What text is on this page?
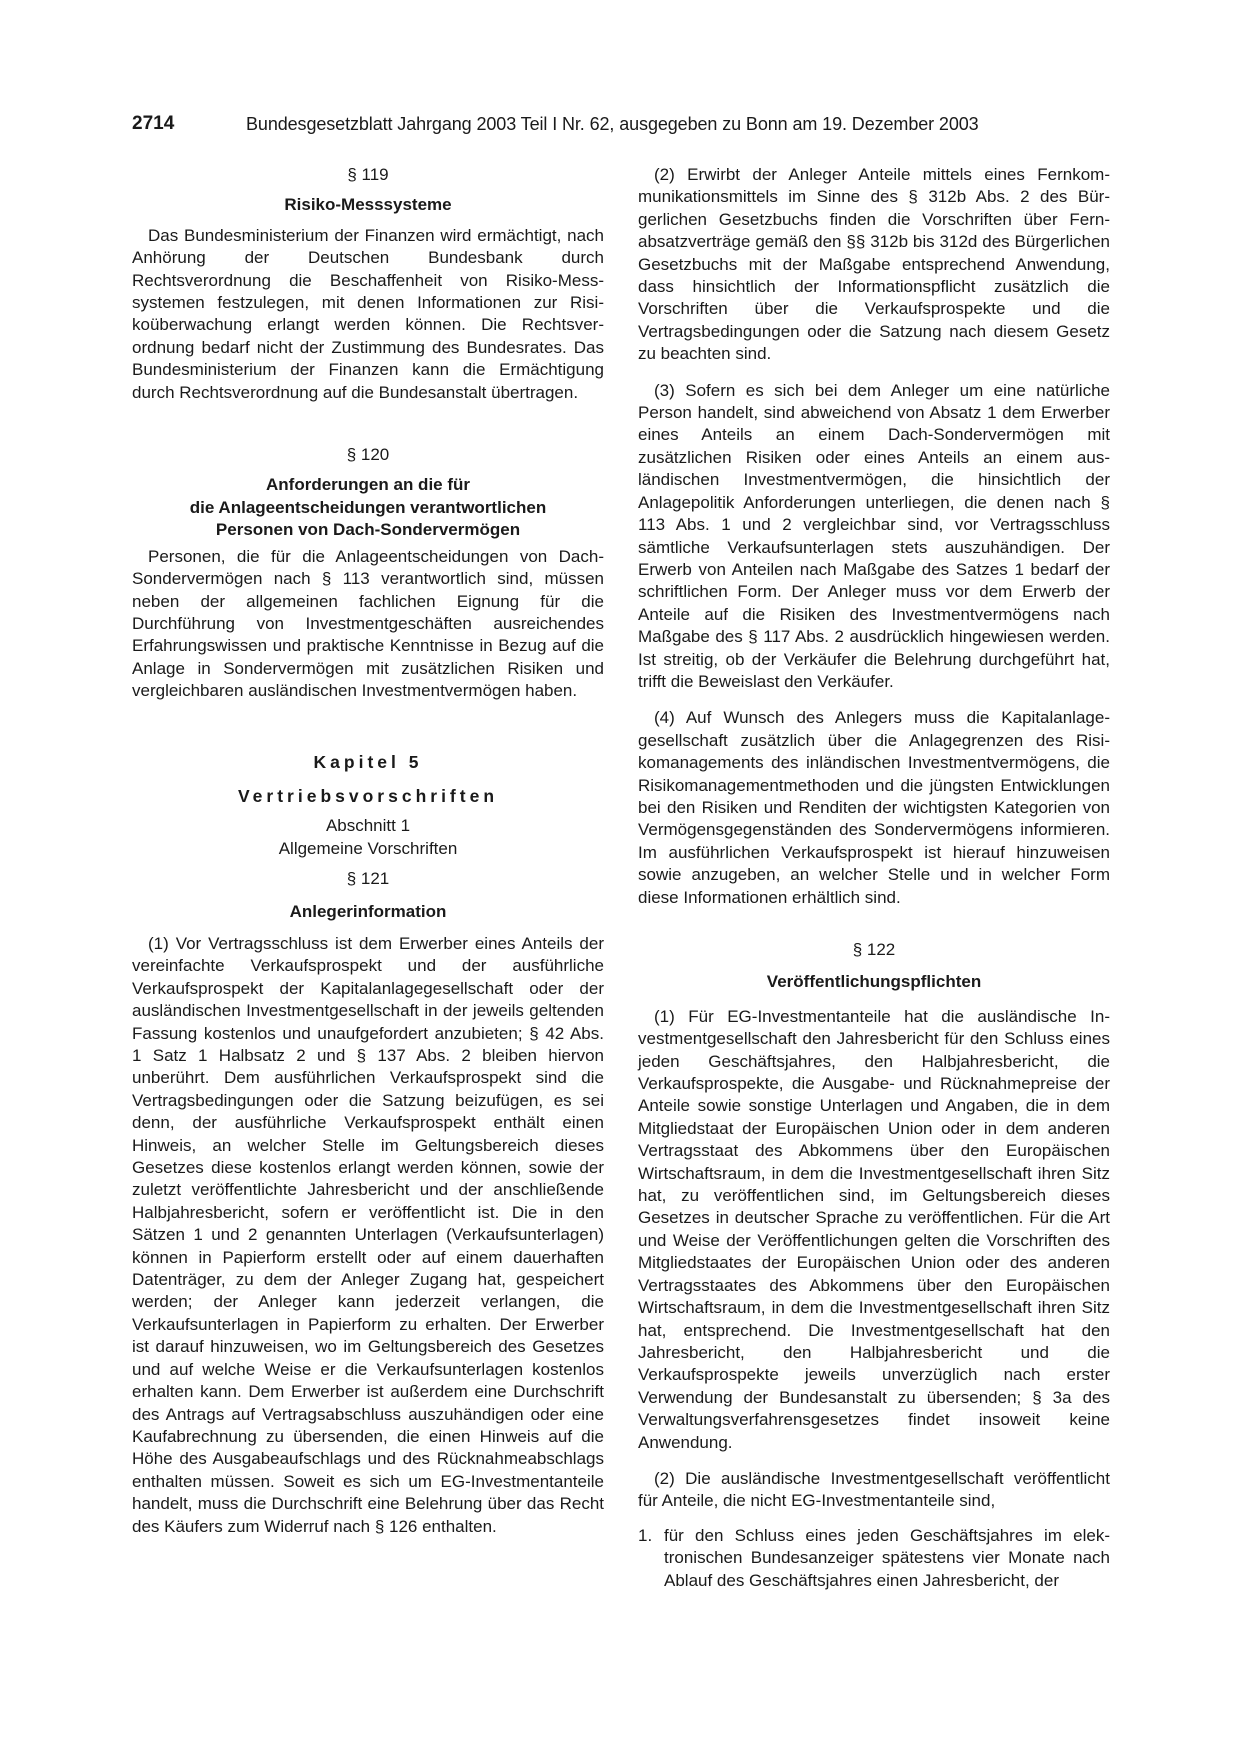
2714	Bundesgesetzblatt Jahrgang 2003 Teil I Nr. 62, ausgegeben zu Bonn am 19. Dezember 2003

§ 119

Risiko-Messsysteme

Das Bundesministerium der Finanzen wird ermächtigt, nach Anhörung der Deutschen Bundesbank durch Rechtsverordnung die Beschaffenheit von Risiko-Messsystemen festzulegen, mit denen Informationen zur Risikoüberwachung erlangt werden können. Die Rechtsverordnung bedarf nicht der Zustimmung des Bundesrates. Das Bundesministerium der Finanzen kann die Ermächtigung durch Rechtsverordnung auf die Bundesanstalt übertragen.

§ 120

Anforderungen an die für

die Anlageentscheidungen verantwortlichen

Personen von Dach-Sondervermögen

Personen, die für die Anlageentscheidungen von Dach-Sondervermögen nach § 113 verantwortlich sind, müssen neben der allgemeinen fachlichen Eignung für die Durchführung von Investmentgeschäften ausreichendes Erfahrungswissen und praktische Kenntnisse in Bezug auf die Anlage in Sondervermögen mit zusätzlichen Risiken und vergleichbaren ausländischen Investmentvermögen haben.

Kapitel 5

Vertriebsvorschriften

Abschnitt 1

Allgemeine Vorschriften

§ 121

Anlegerinformation

(1) Vor Vertragsschluss ist dem Erwerber eines Anteils der vereinfachte Verkaufsprospekt und der ausführliche Verkaufsprospekt der Kapitalanlagegesellschaft oder der ausländischen Investmentgesellschaft in der jeweils geltenden Fassung kostenlos und unaufgefordert anzubieten; § 42 Abs. 1 Satz 1 Halbsatz 2 und § 137 Abs. 2 bleiben hiervon unberührt. Dem ausführlichen Verkaufsprospekt sind die Vertragsbedingungen oder die Satzung beizufügen, es sei denn, der ausführliche Verkaufsprospekt enthält einen Hinweis, an welcher Stelle im Geltungsbereich dieses Gesetzes diese kostenlos erlangt werden können, sowie der zuletzt veröffentlichte Jahresbericht und der anschließende Halbjahresbericht, sofern er veröffentlicht ist. Die in den Sätzen 1 und 2 genannten Unterlagen (Verkaufsunterlagen) können in Papierform erstellt oder auf einem dauerhaften Datenträger, zu dem der Anleger Zugang hat, gespeichert werden; der Anleger kann jederzeit verlangen, die Verkaufsunterlagen in Papierform zu erhalten. Der Erwerber ist darauf hinzuweisen, wo im Geltungsbereich des Gesetzes und auf welche Weise er die Verkaufsunterlagen kostenlos erhalten kann. Dem Erwerber ist außerdem eine Durchschrift des Antrags auf Vertragsabschluss auszuhändigen oder eine Kaufabrechnung zu übersenden, die einen Hinweis auf die Höhe des Ausgabeaufschlags und des Rücknahmeabschlags enthalten müssen. Soweit es sich um EG-Investmentanteile handelt, muss die Durchschrift eine Belehrung über das Recht des Käufers zum Widerruf nach § 126 enthalten.

(2) Erwirbt der Anleger Anteile mittels eines Fernkommunikationsmittels im Sinne des § 312b Abs. 2 des Bürgerlichen Gesetzbuchs finden die Vorschriften über Fernabsatzverträge gemäß den §§ 312b bis 312d des Bürgerlichen Gesetzbuchs mit der Maßgabe entsprechend Anwendung, dass hinsichtlich der Informationspflicht zusätzlich die Vorschriften über die Verkaufsprospekte und die Vertragsbedingungen oder die Satzung nach diesem Gesetz zu beachten sind.

(3) Sofern es sich bei dem Anleger um eine natürliche Person handelt, sind abweichend von Absatz 1 dem Erwerber eines Anteils an einem Dach-Sondervermögen mit zusätzlichen Risiken oder eines Anteils an einem ausländischen Investmentvermögen, die hinsichtlich der Anlagepolitik Anforderungen unterliegen, die denen nach § 113 Abs. 1 und 2 vergleichbar sind, vor Vertragsschluss sämtliche Verkaufsunterlagen stets auszuhändigen. Der Erwerb von Anteilen nach Maßgabe des Satzes 1 bedarf der schriftlichen Form. Der Anleger muss vor dem Erwerb der Anteile auf die Risiken des Investmentvermögens nach Maßgabe des § 117 Abs. 2 ausdrücklich hingewiesen werden. Ist streitig, ob der Verkäufer die Belehrung durchgeführt hat, trifft die Beweislast den Verkäufer.

(4) Auf Wunsch des Anlegers muss die Kapitalanlagegesellschaft zusätzlich über die Anlagegrenzen des Risikomanagements des inländischen Investmentvermögens, die Risikomanagementmethoden und die jüngsten Entwicklungen bei den Risiken und Renditen der wichtigsten Kategorien von Vermögensgegenständen des Sondervermögens informieren. Im ausführlichen Verkaufsprospekt ist hierauf hinzuweisen sowie anzugeben, an welcher Stelle und in welcher Form diese Informationen erhältlich sind.

§ 122

Veröffentlichungspflichten

(1) Für EG-Investmentanteile hat die ausländische Investmentgesellschaft den Jahresbericht für den Schluss eines jeden Geschäftsjahres, den Halbjahresbericht, die Verkaufsprospekte, die Ausgabe- und Rücknahmepreise der Anteile sowie sonstige Unterlagen und Angaben, die in dem Mitgliedstaat der Europäischen Union oder in dem anderen Vertragsstaat des Abkommens über den Europäischen Wirtschaftsraum, in dem die Investmentgesellschaft ihren Sitz hat, zu veröffentlichen sind, im Geltungsbereich dieses Gesetzes in deutscher Sprache zu veröffentlichen. Für die Art und Weise der Veröffentlichungen gelten die Vorschriften des Mitgliedstaates der Europäischen Union oder des anderen Vertragsstaates des Abkommens über den Europäischen Wirtschaftsraum, in dem die Investmentgesellschaft ihren Sitz hat, entsprechend. Die Investmentgesellschaft hat den Jahresbericht, den Halbjahresbericht und die Verkaufsprospekte jeweils unverzüglich nach erster Verwendung der Bundesanstalt zu übersenden; § 3a des Verwaltungsverfahrensgesetzes findet insoweit keine Anwendung.

(2) Die ausländische Investmentgesellschaft veröffentlicht für Anteile, die nicht EG-Investmentanteile sind,

1. für den Schluss eines jeden Geschäftsjahres im elektronischen Bundesanzeiger spätestens vier Monate nach Ablauf des Geschäftsjahres einen Jahresbericht, der
